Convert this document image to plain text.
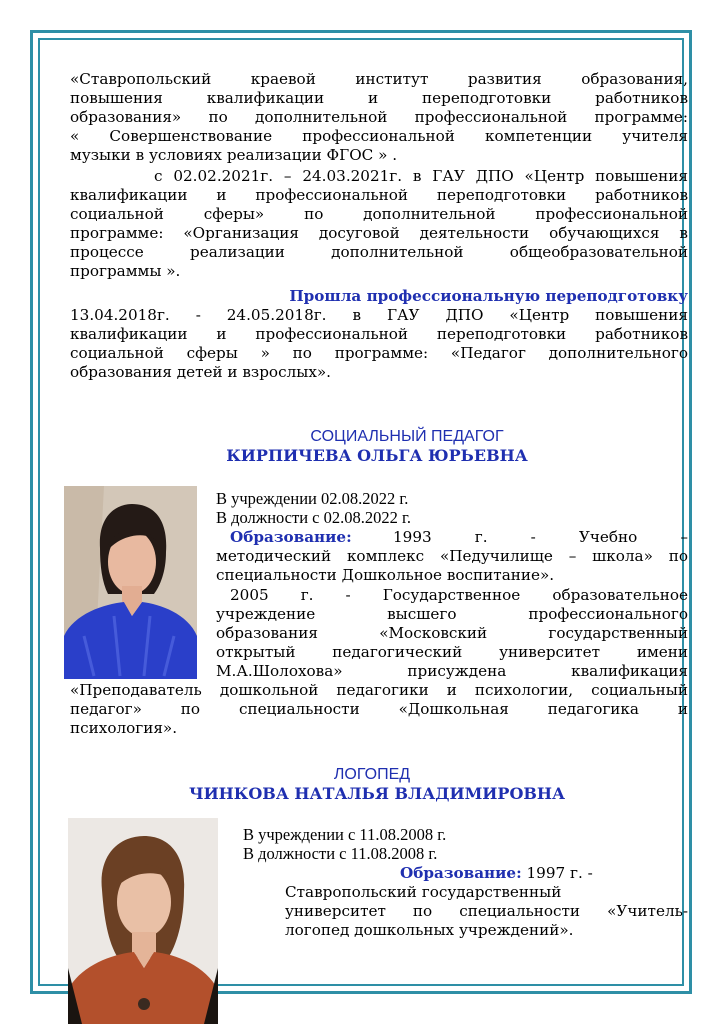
«Ставропольский краевой институт развития образования,
повышения квалификации и переподготовки работников
образования» по дополнительной профессиональной программе:
« Совершенствование профессиональной компетенции учителя
музыки в условиях реализации ФГОС » .
с 02.02.2021г. – 24.03.2021г. в ГАУ ДПО «Центр повышения
квалификации и профессиональной переподготовки работников
социальной сферы» по дополнительной профессиональной
программе: «Организация досуговой деятельности обучающихся в
процессе реализации дополнительной общеобразовательной
программы ».
Прошла профессиональную переподготовку
13.04.2018г. - 24.05.2018г. в ГАУ ДПО «Центр повышения
квалификации и профессиональной переподготовки работников
социальной сферы » по программе: «Педагог дополнительного
образования детей и взрослых».
СОЦИАЛЬНЫЙ ПЕДАГОГ
КИРПИЧЕВА ОЛЬГА ЮРЬЕВНА
В учреждении 02.08.2022 г.
В должности с 02.08.2022 г.
Образование:	1993 г. - Учебно –
методический комплекс «Педучилище – школа» по
специальности Дошкольное воспитание».
2005 г. - Государственное образовательное
учреждение высшего профессионального
образования «Московский государственный
открытый педагогический университет имени
М.А.Шолохова» присуждена квалификация
«Преподаватель дошкольной педагогики и психологии, социальный
педагог» по специальности «Дошкольная педагогика и
психология».
ЛОГОПЕД
ЧИНКОВА НАТАЛЬЯ ВЛАДИМИРОВНА
В учреждении с 11.08.2008 г.
В должности с 11.08.2008 г.
Образование: 1997 г. -
Ставропольский государственный
университет по специальности «Учитель-
логопед дошкольных учреждений».
